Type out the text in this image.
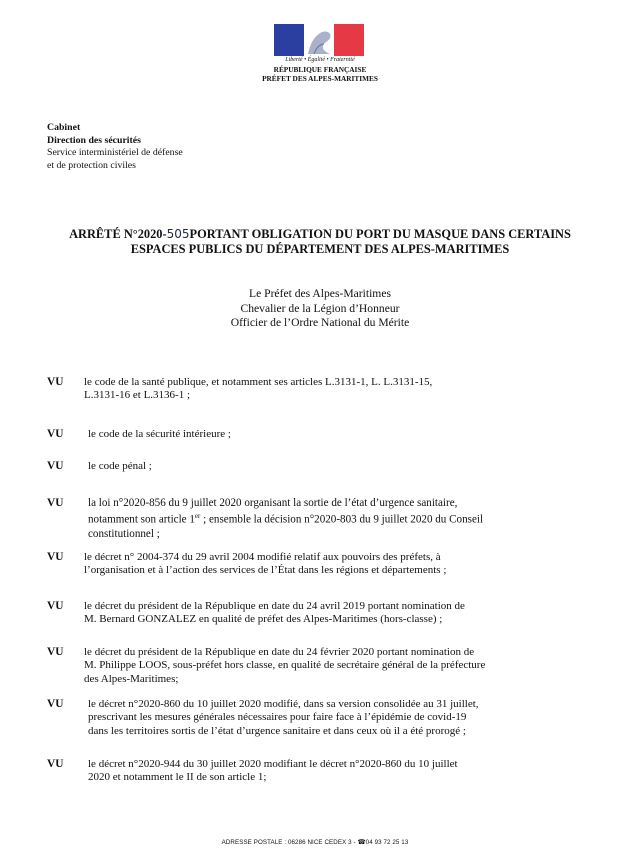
Liberté • Égalité • Fraternité
RÉPUBLIQUE FRANÇAISE
PRÉFET DES ALPES-MARITIMES
Cabinet
Direction des sécurités
Service interministériel de défense
et de protection civiles
ARRÊTÉ N°2020-505PORTANT OBLIGATION DU PORT DU MASQUE DANS CERTAINS
ESPACES PUBLICS DU DÉPARTEMENT DES ALPES-MARITIMES
Le Préfet des Alpes-Maritimes
Chevalier de la Légion d’Honneur
Officier de l’Ordre National du Mérite
VU le code de la santé publique, et notamment ses articles L.3131-1, L. L.3131-15,
L.3131-16 et L.3136-1 ;
VU le code de la sécurité intérieure ;
VU le code pénal ;
VU la loi n°2020-856 du 9 juillet 2020 organisant la sortie de l’état d’urgence sanitaire,
notamment son article 1er ; ensemble la décision n°2020-803 du 9 juillet 2020 du Conseil
constitutionnel ;
VU le décret n° 2004-374 du 29 avril 2004 modifié relatif aux pouvoirs des préfets, à
l’organisation et à l’action des services de l’État dans les régions et départements ;
VU le décret du président de la République en date du 24 avril 2019 portant nomination de
M. Bernard GONZALEZ en qualité de préfet des Alpes-Maritimes (hors-classe) ;
VU le décret du président de la République en date du 24 février 2020 portant nomination de
M. Philippe LOOS, sous-préfet hors classe, en qualité de secrétaire général de la préfecture
des Alpes-Maritimes;
VU le décret n°2020-860 du 10 juillet 2020 modifié, dans sa version consolidée au 31 juillet,
prescrivant les mesures générales nécessaires pour faire face à l’épidémie de covid-19
dans les territoires sortis de l’état d’urgence sanitaire et dans ceux où il a été prorogé ;
VU le décret n°2020-944 du 30 juillet 2020 modifiant le décret n°2020-860 du 10 juillet
2020 et notamment le II de son article 1;
ADRESSE POSTALE : 06286 NICE CEDEX 3 - ☎04 93 72 25 13
